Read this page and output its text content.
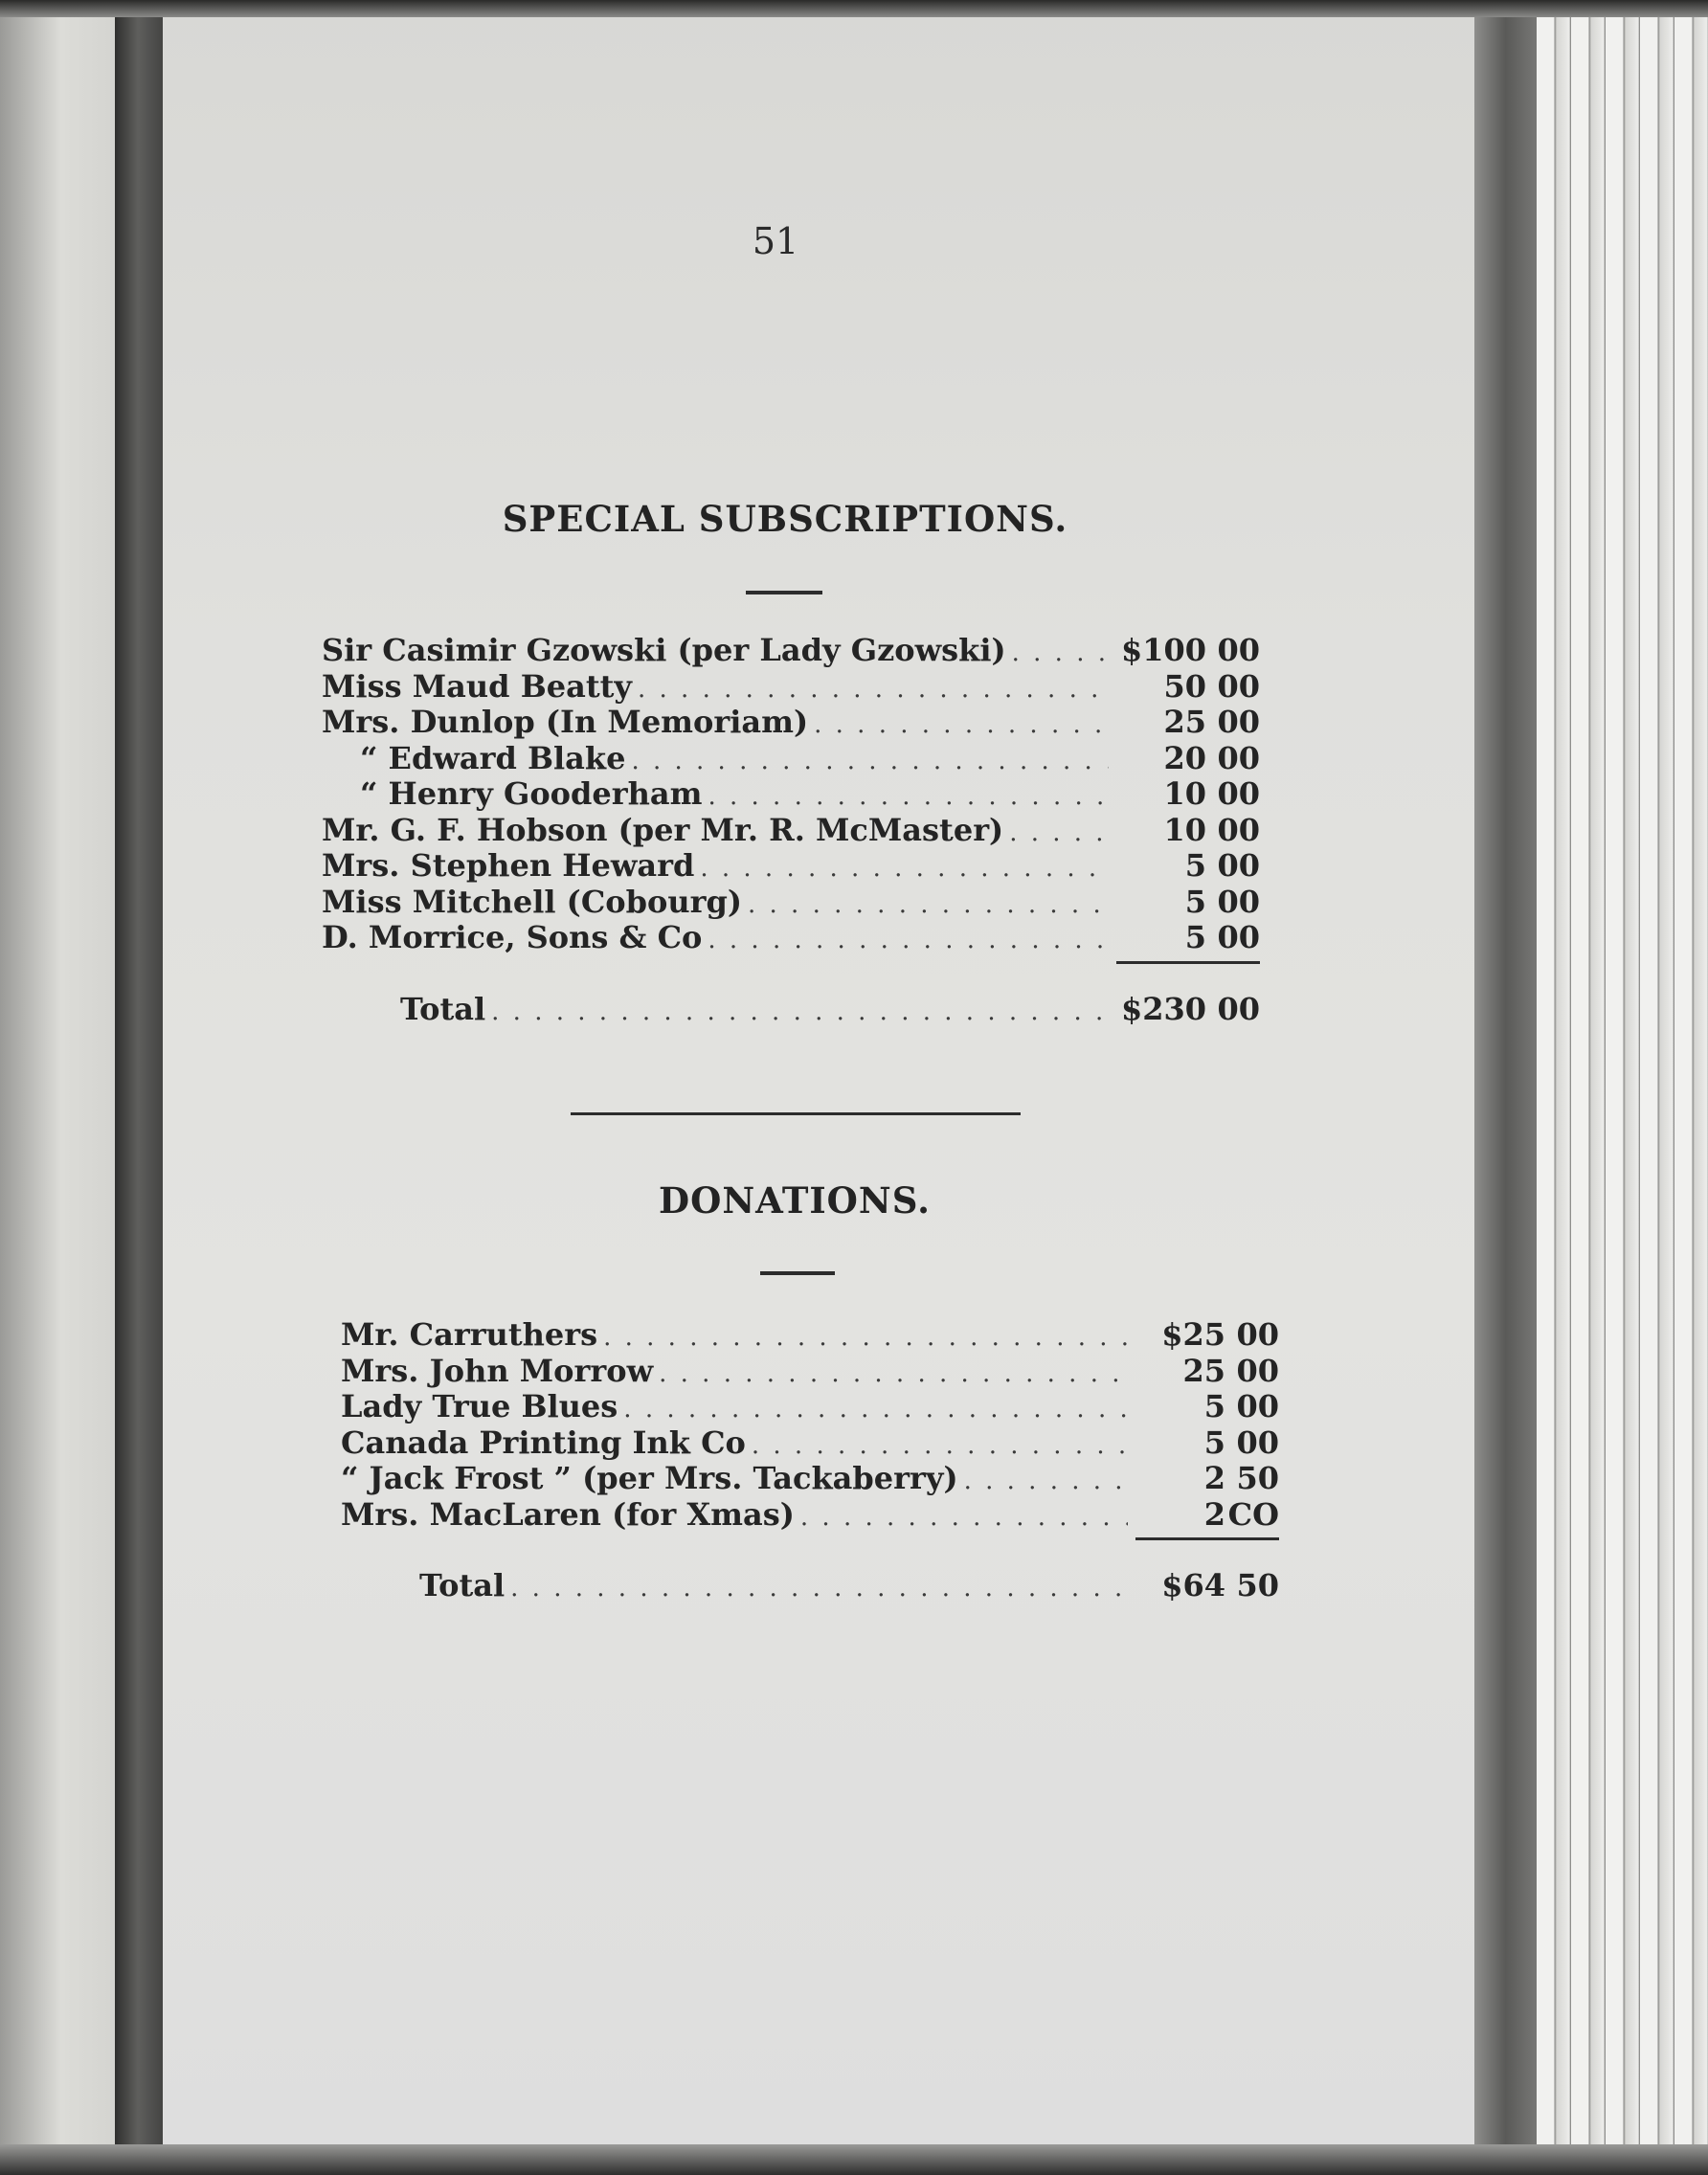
51
SPECIAL SUBSCRIPTIONS.
Sir Casimir Gzowski (per Lady Gzowski) . . .	$100 00
Miss Maud Beatty . . .	50 00
Mrs. Dunlop (In Memoriam) . . .	25 00
“ Edward Blake . . .	20 00
“ Henry Gooderham . . .	10 00
Mr. G. F. Hobson (per Mr. R. McMaster) . . .	10 00
Mrs. Stephen Heward . . .	5 00
Miss Mitchell (Cobourg) . . .	5 00
D. Morrice, Sons & Co . . .	5 00
Total . . .	$230 00
DONATIONS.
Mr. Carruthers . . .	$25 00
Mrs. John Morrow . . .	25 00
Lady True Blues . . .	5 00
Canada Printing Ink Co . . .	5 00
“ Jack Frost ” (per Mrs. Tackaberry) . . .	2 50
Mrs. MacLaren (for Xmas) . . .	2 CO
Total . . .	$64 50
